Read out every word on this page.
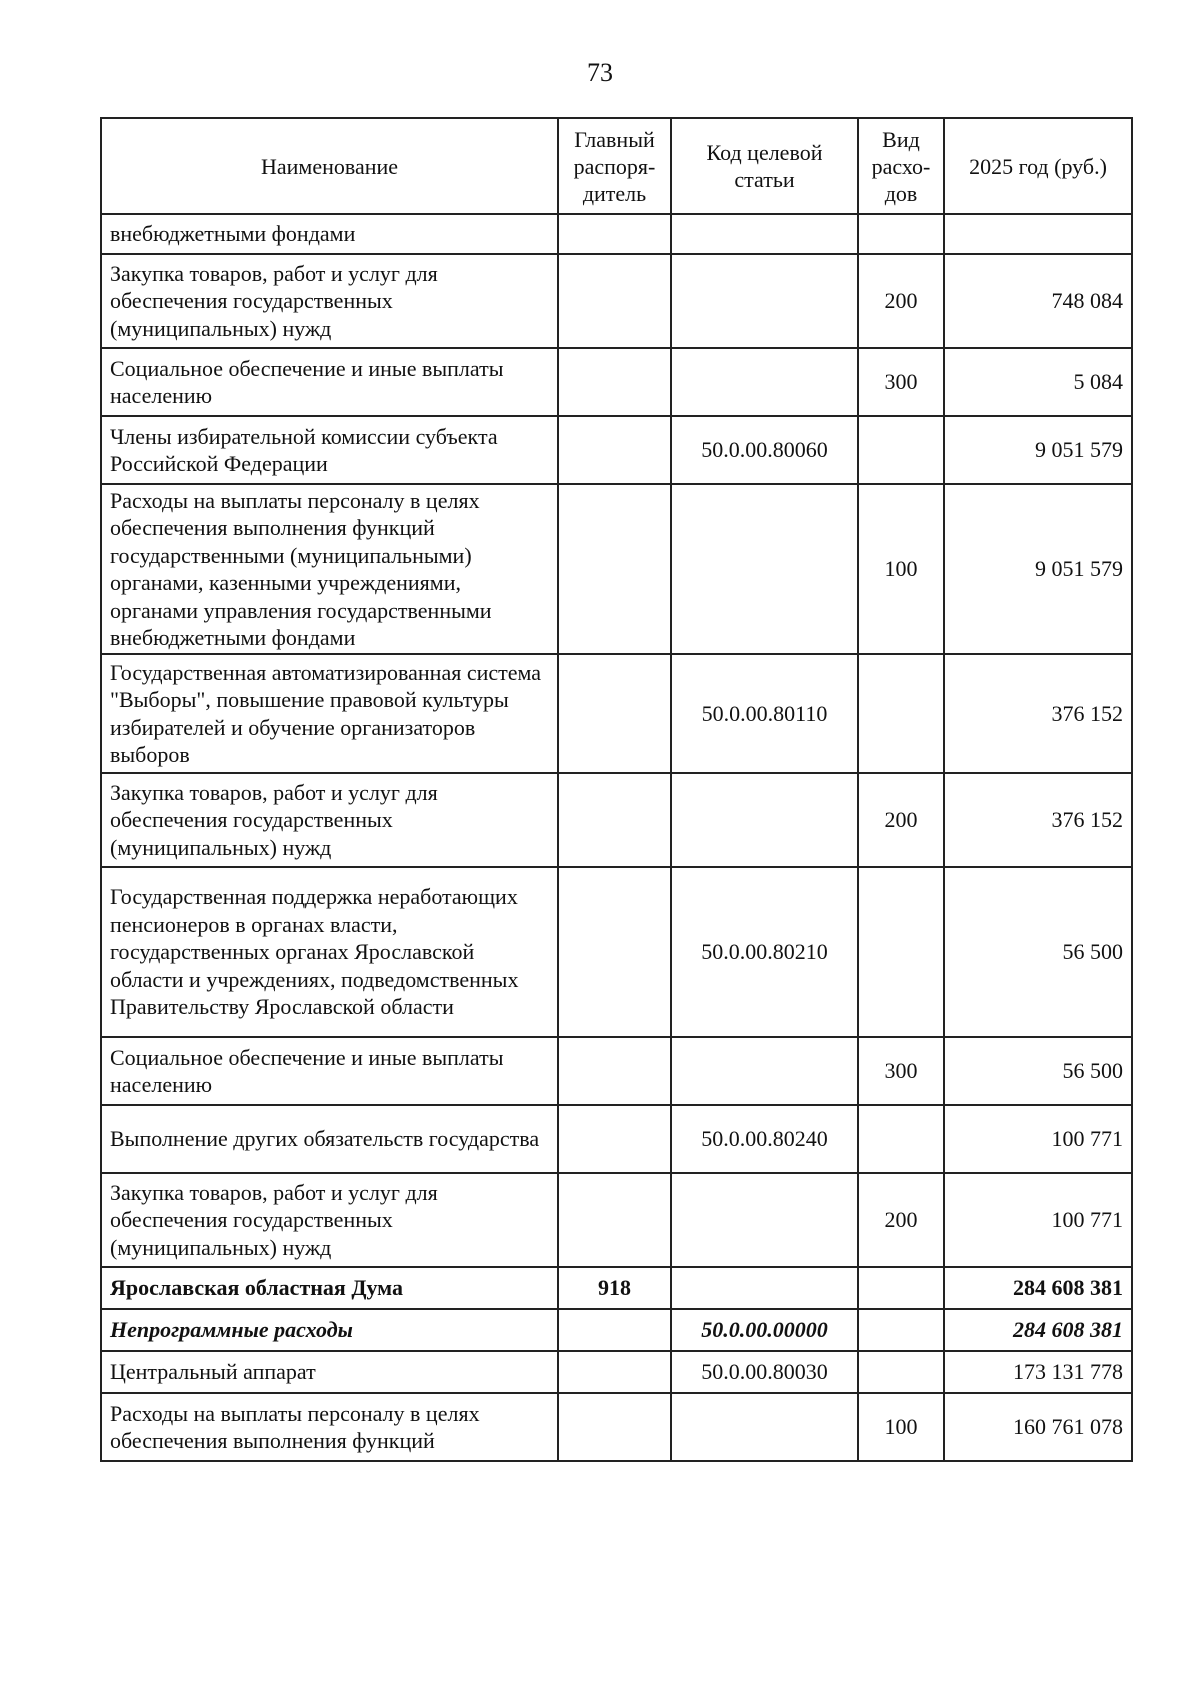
73
Наименование	Главный распоря-дитель	Код целевой статьи	Вид расхо-дов	2025 год (руб.)
внебюджетными фондами				
Закупка товаров, работ и услуг для обеспечения государственных (муниципальных) нужд			200	748 084
Социальное обеспечение и иные выплаты населению			300	5 084
Члены избирательной комиссии субъекта Российской Федерации		50.0.00.80060		9 051 579
Расходы на выплаты персоналу в целях обеспечения выполнения функций государственными (муниципальными) органами, казенными учреждениями, органами управления государственными внебюджетными фондами			100	9 051 579
Государственная автоматизированная система "Выборы", повышение правовой культуры избирателей и обучение организаторов выборов		50.0.00.80110		376 152
Закупка товаров, работ и услуг для обеспечения государственных (муниципальных) нужд			200	376 152
Государственная поддержка неработающих пенсионеров в органах власти, государственных органах Ярославской области и учреждениях, подведомственных Правительству Ярославской области		50.0.00.80210		56 500
Социальное обеспечение и иные выплаты населению			300	56 500
Выполнение других обязательств государства		50.0.00.80240		100 771
Закупка товаров, работ и услуг для обеспечения государственных (муниципальных) нужд			200	100 771
Ярославская областная Дума	918			284 608 381
Непрограммные расходы		50.0.00.00000		284 608 381
Центральный аппарат		50.0.00.80030		173 131 778
Расходы на выплаты персоналу в целях обеспечения выполнения функций			100	160 761 078
